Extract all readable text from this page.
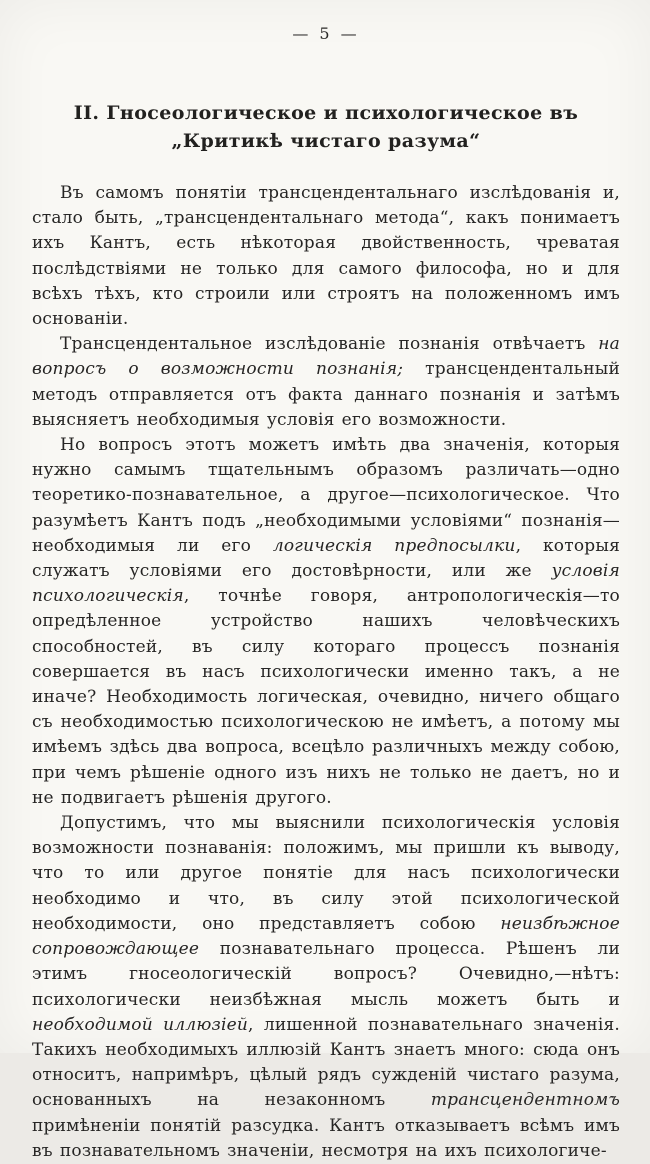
— 5 —
II. Гносеологическое и психологическое въ „Критикѣ чистаго разума“

Въ самомъ понятіи трансцендентальнаго изслѣдованія и, стало быть, „трансцендентальнаго метода“, какъ понимаетъ ихъ Кантъ, есть нѣкоторая двойственность, чреватая послѣдствіями не только для самого философа, но и для всѣхъ тѣхъ, кто строили или строятъ на положенномъ имъ основаніи.

Трансцендентальное изслѣдованіе познанія отвѣчаетъ на вопросъ о возможности познанія; трансцендентальный методъ отправляется отъ факта даннаго познанія и затѣмъ выясняетъ необходимыя условія его возможности.

Но вопросъ этотъ можетъ имѣть два значенія, которыя нужно самымъ тщательнымъ образомъ различать—одно теоретико-познавательное, а другое—психологическое. Что разумѣетъ Кантъ подъ „необходимыми условіями“ познанія—необходимыя ли его логическія предпосылки, которыя служатъ условіями его достовѣрности, или же условія психологическія, точнѣе говоря, антропологическія—то опредѣленное устройство нашихъ человѣческихъ способностей, въ силу котораго процессъ познанія совершается въ насъ психологически именно такъ, а не иначе? Необходимость логическая, очевидно, ничего общаго съ необходимостью психологическою не имѣетъ, а потому мы имѣемъ здѣсь два вопроса, всецѣло различныхъ между собою, при чемъ рѣшеніе одного изъ нихъ не только не даетъ, но и не подвигаетъ рѣшенія другого.

Допустимъ, что мы выяснили психологическія условія возможности познаванія: положимъ, мы пришли къ выводу, что то или другое понятіе для насъ психологически необходимо и что, въ силу этой психологической необходимости, оно представляетъ собою неизбѣжное сопровождающее познавательнаго процесса. Рѣшенъ ли этимъ гносеологическій вопросъ? Очевидно,—нѣтъ: психологически неизбѣжная мысль можетъ быть и необходимой иллюзіей, лишенной познавательнаго значенія. Такихъ необходимыхъ иллюзій Кантъ знаетъ много: сюда онъ относитъ, напримѣръ, цѣлый рядъ сужденій чистаго разума, основанныхъ на незаконномъ трансцендентномъ примѣненіи понятій разсудка. Кантъ отказываетъ всѣмъ имъ въ познавательномъ значеніи, несмотря на ихъ психологиче-
